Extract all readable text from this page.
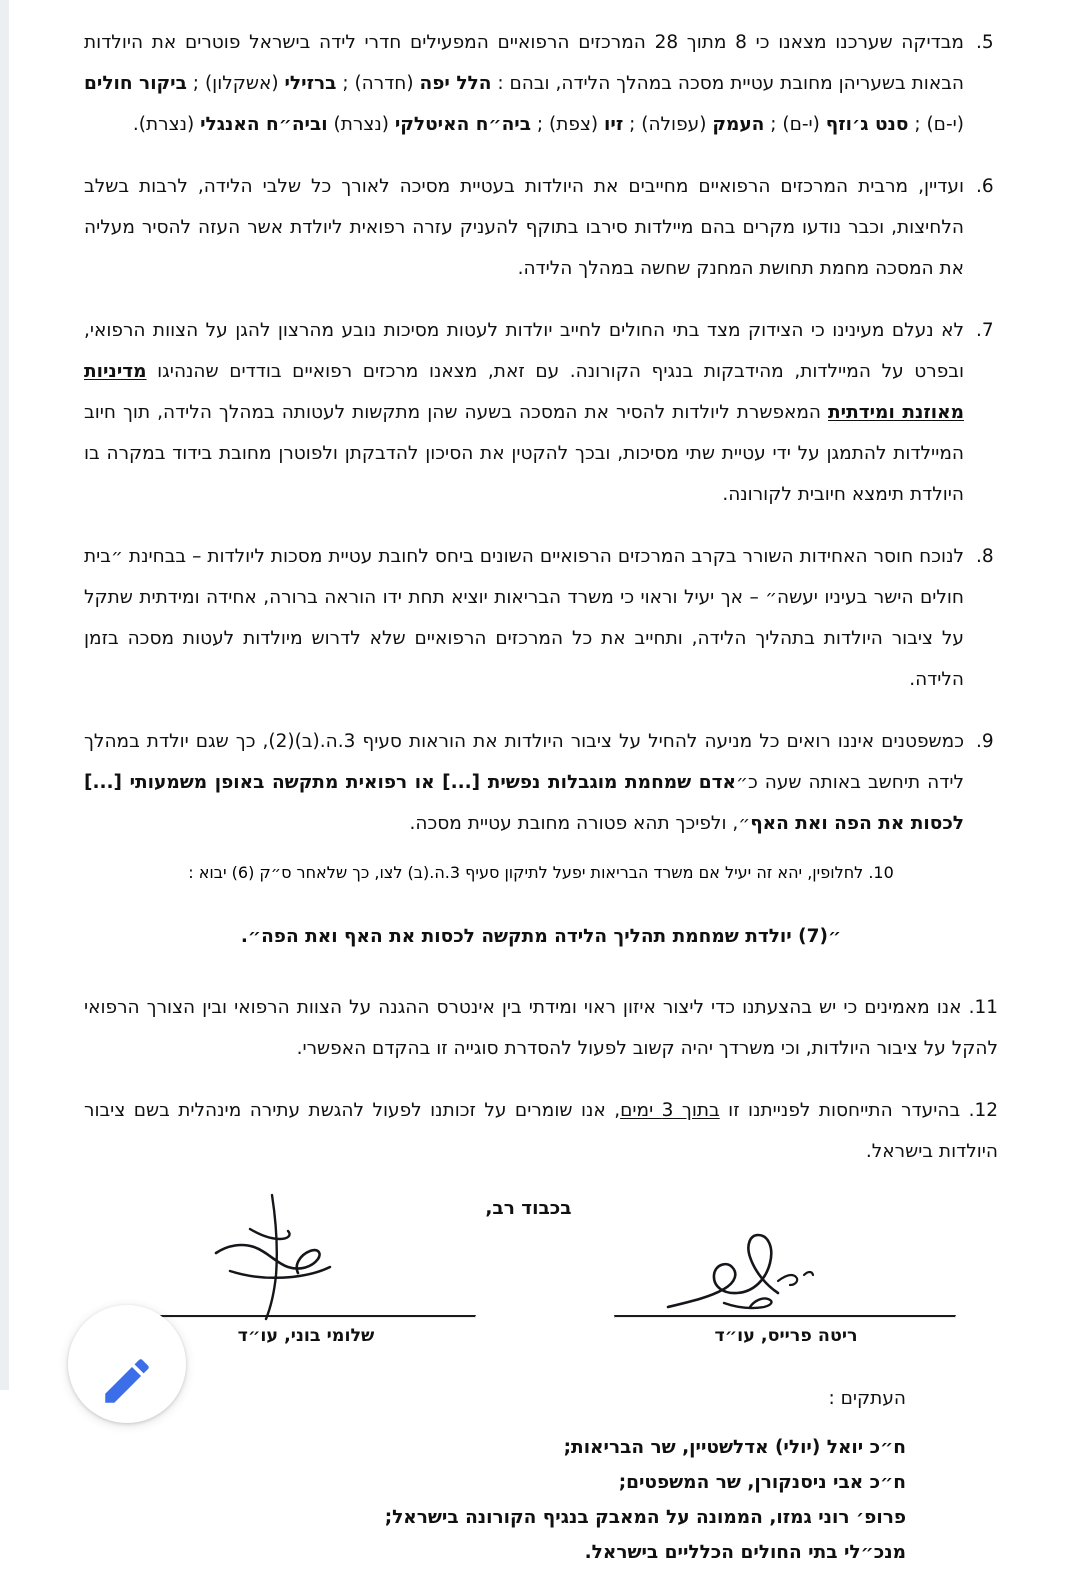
5.
מבדיקה שערכנו מצאנו כי 8 מתוך 28 המרכזים הרפואיים המפעילים חדרי לידה בישראל פוטרים את היולדות הבאות בשעריהן מחובת עטיית מסכה במהלך הלידה, ובהם : הלל יפה (חדרה) ; ברזילי (אשקלון) ; ביקור חולים (י-ם) ; סנט ג׳וזף (י-ם) ; העמק (עפולה) ; זיו (צפת) ; ביה״ח האיטלקי (נצרת) וביה״ח האנגלי (נצרת).
6.
ועדיין, מרבית המרכזים הרפואיים מחייבים את היולדות בעטיית מסיכה לאורך כל שלבי הלידה, לרבות בשלב הלחיצות, וכבר נודעו מקרים בהם מיילדות סירבו בתוקף להעניק עזרה רפואית ליולדת אשר העזה להסיר מעליה את המסכה מחמת תחושת המחנק שחשה במהלך הלידה.
7.
לא נעלם מעינינו כי הצידוק מצד בתי החולים לחייב יולדות לעטות מסיכות נובע מהרצון להגן על הצוות הרפואי, ובפרט על המיילדות, מהידבקות בנגיף הקורונה. עם זאת, מצאנו מרכזים רפואיים בודדים שהנהיגו מדיניות מאוזנת ומידתית המאפשרת ליולדות להסיר את המסכה בשעה שהן מתקשות לעטותה במהלך הלידה, תוך חיוב המיילדות להתמגן על ידי עטיית שתי מסיכות, ובכך להקטין את הסיכון להדבקתן ולפוטרן מחובת בידוד במקרה בו היולדת תימצא חיובית לקורונה.
8.
לנוכח חוסר האחידות השורר בקרב המרכזים הרפואיים השונים ביחס לחובת עטיית מסכות ליולדות – בבחינת ״בית חולים הישר בעיניו יעשה״ – אך יעיל וראוי כי משרד הבריאות יוציא תחת ידו הוראה ברורה, אחידה ומידתית שתקל על ציבור היולדות בתהליך הלידה, ותחייב את כל המרכזים הרפואיים שלא לדרוש מיולדות לעטות מסכה בזמן הלידה.
9.
כמשפטנים איננו רואים כל מניעה להחיל על ציבור היולדות את הוראות סעיף 3.ה.(ב)(2), כך שגם יולדת במהלך לידה תיחשב באותה שעה כ״אדם שמחמת מוגבלות נפשית [...] או רפואית מתקשה באופן משמעותי [...] לכסות את הפה ואת האף״, ולפיכך תהא פטורה מחובת עטיית מסכה.
10. לחלופין, יהא זה יעיל אם משרד הבריאות יפעל לתיקון סעיף 3.ה.(ב) לצו, כך שלאחר ס״ק (6) יבוא :
״(7) יולדת שמחמת תהליך הלידה מתקשה לכסות את האף ואת הפה״.
11. אנו מאמינים כי יש בהצעתנו כדי ליצור איזון ראוי ומידתי בין אינטרס ההגנה על הצוות הרפואי ובין הצורך הרפואי להקל על ציבור היולדות, וכי משרדך יהיה קשוב לפעול להסדרת סוגייה זו בהקדם האפשרי.
12. בהיעדר התייחסות לפנייתנו זו בתוך 3 ימים, אנו שומרים על זכותנו לפעול להגשת עתירה מינהלית בשם ציבור היולדות בישראל.
בכבוד רב,
ריטה פרייס, עו״ד
שלומי בוני, עו״ד
העתקים :
ח״כ יואל (יולי) אדלשטיין, שר הבריאות;
ח״כ אבי ניסנקורן, שר המשפטים;
פרופ׳ רוני גמזו, הממונה על המאבק בנגיף הקורונה בישראל;
מנכ״לי בתי החולים הכלליים בישראל.
